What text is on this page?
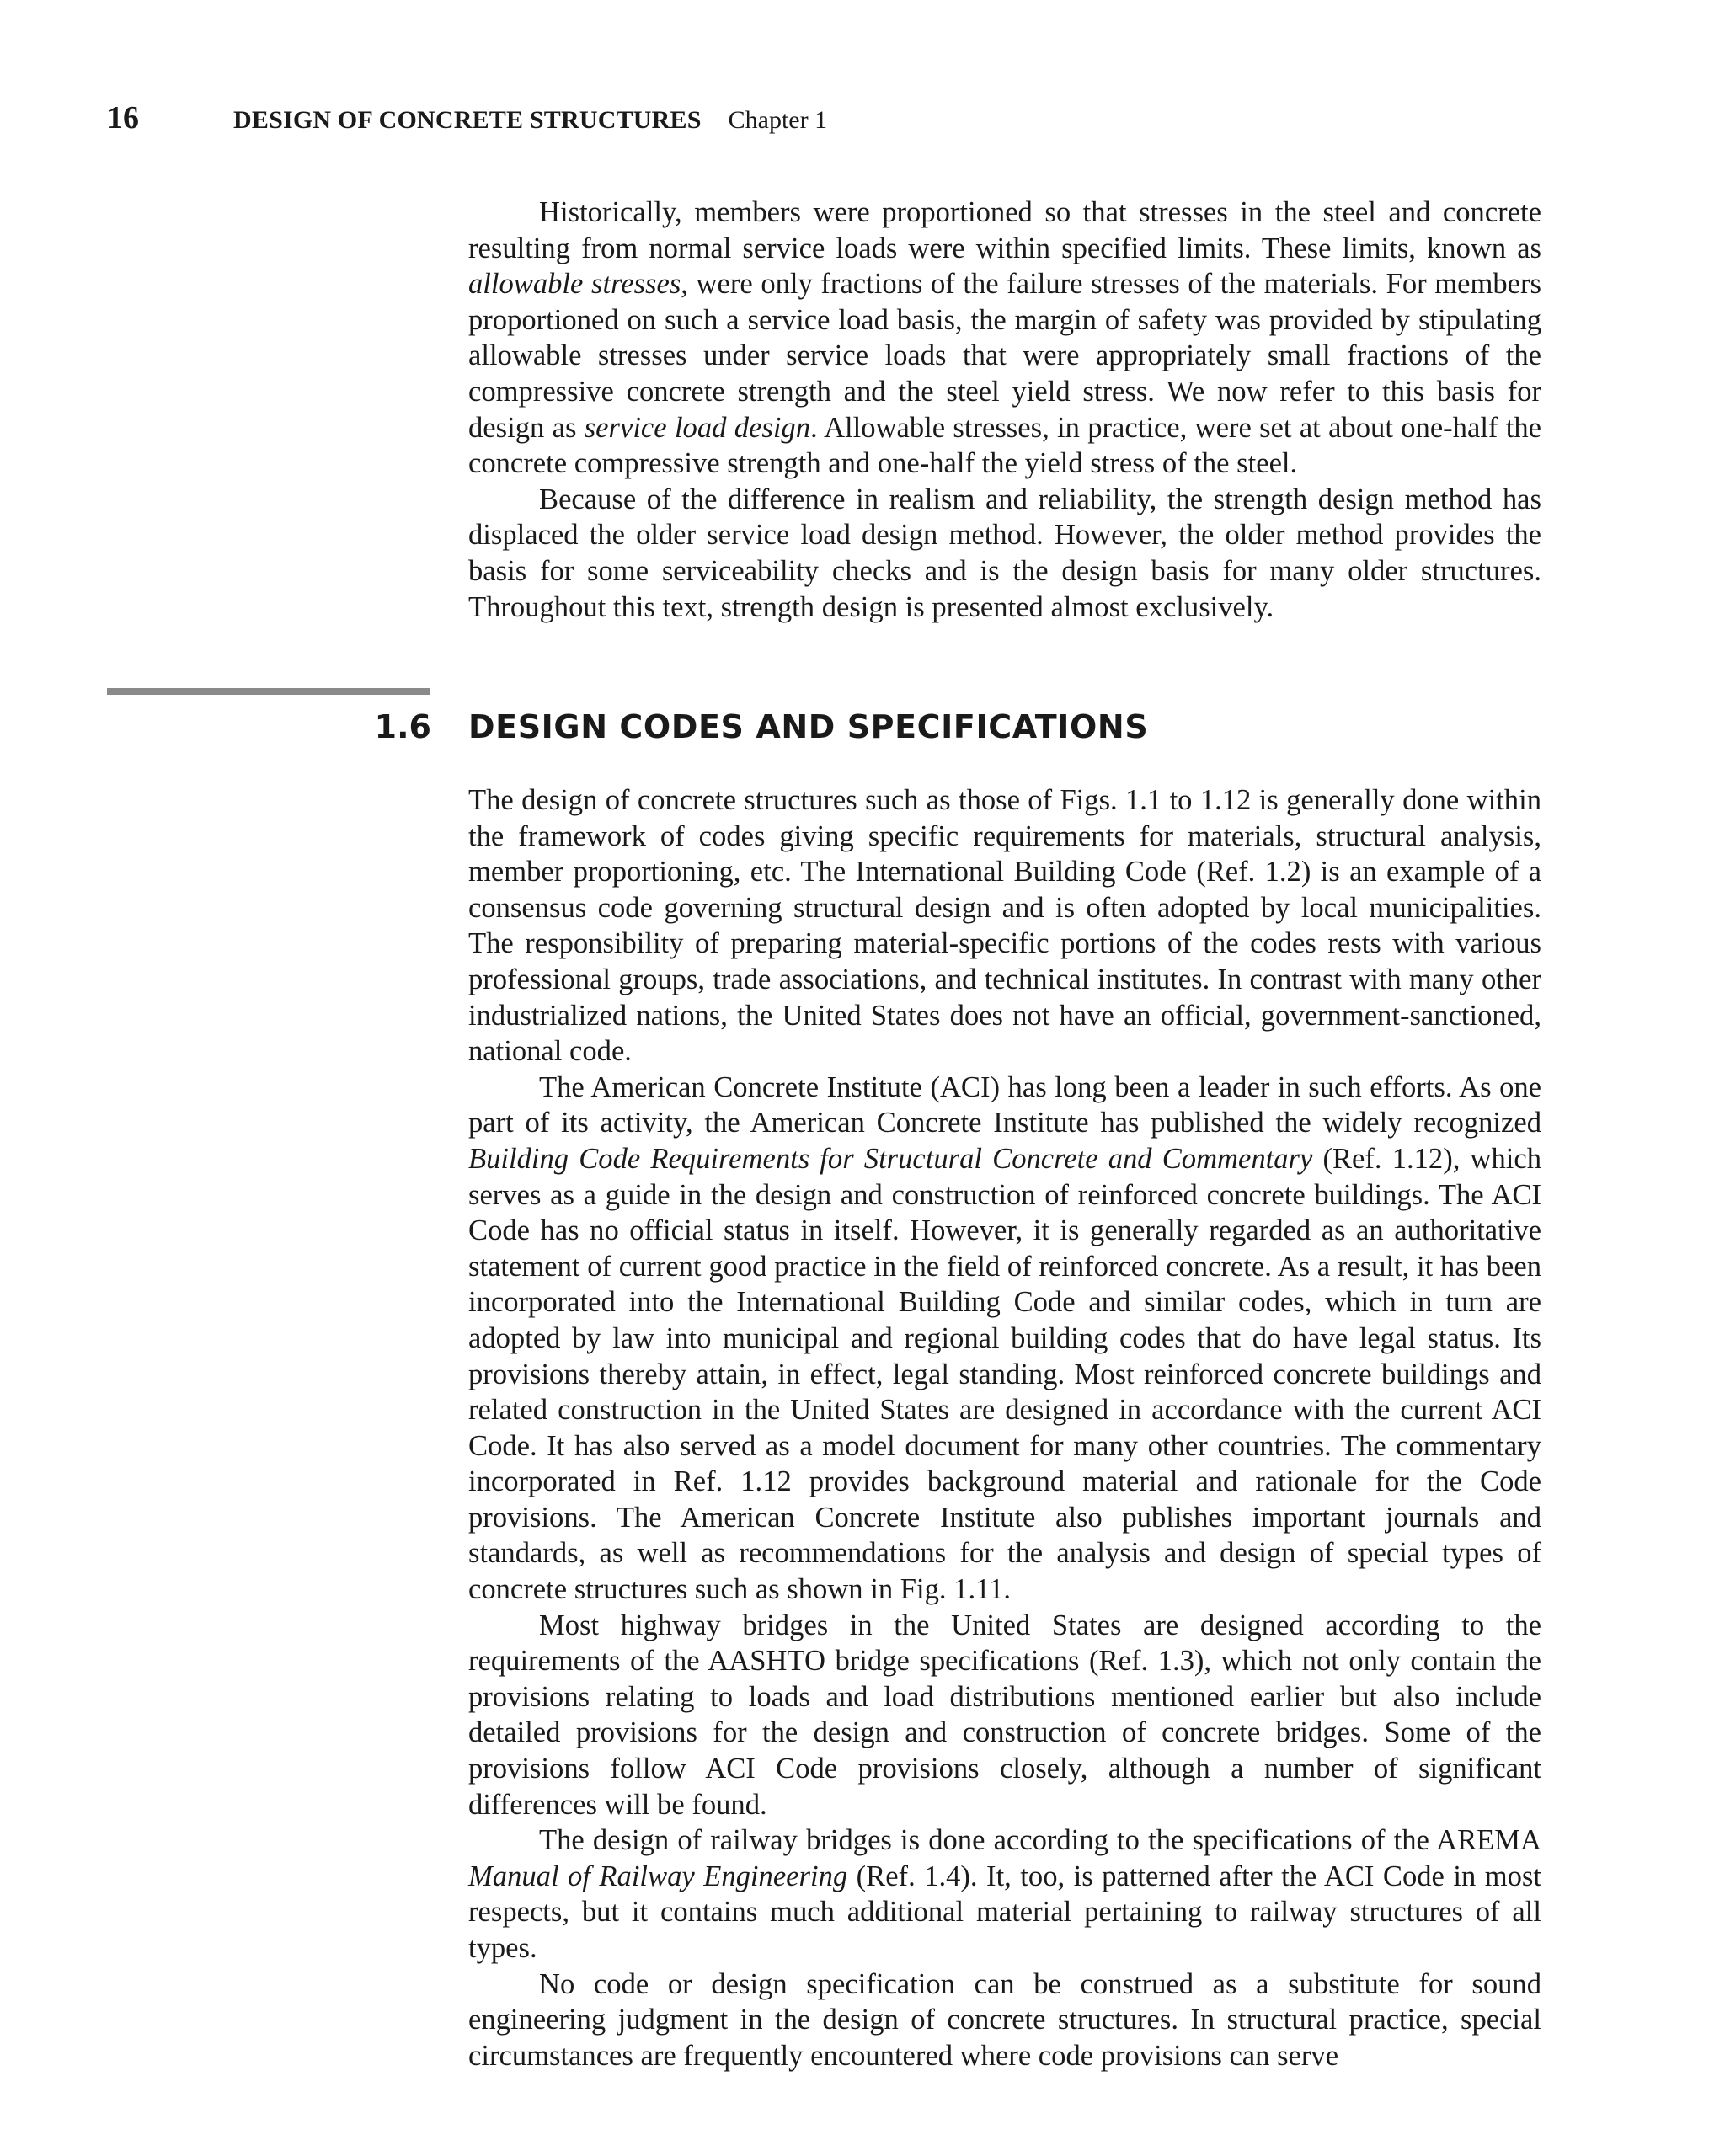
16	DESIGN OF CONCRETE STRUCTURES Chapter 1

Historically, members were proportioned so that stresses in the steel and concrete resulting from normal service loads were within specified limits. These limits, known as allowable stresses, were only fractions of the failure stresses of the materials. For members proportioned on such a service load basis, the margin of safety was provided by stipulating allowable stresses under service loads that were appropriately small fractions of the compressive concrete strength and the steel yield stress. We now refer to this basis for design as service load design. Allowable stresses, in practice, were set at about one-half the concrete compressive strength and one-half the yield stress of the steel.

Because of the difference in realism and reliability, the strength design method has displaced the older service load design method. However, the older method provides the basis for some serviceability checks and is the design basis for many older structures. Throughout this text, strength design is presented almost exclusively.

1.6 DESIGN CODES AND SPECIFICATIONS

The design of concrete structures such as those of Figs. 1.1 to 1.12 is generally done within the framework of codes giving specific requirements for materials, structural analysis, member proportioning, etc. The International Building Code (Ref. 1.2) is an example of a consensus code governing structural design and is often adopted by local municipalities. The responsibility of preparing material-specific portions of the codes rests with various professional groups, trade associations, and technical institutes. In contrast with many other industrialized nations, the United States does not have an official, government-sanctioned, national code.

The American Concrete Institute (ACI) has long been a leader in such efforts. As one part of its activity, the American Concrete Institute has published the widely recognized Building Code Requirements for Structural Concrete and Commentary (Ref. 1.12), which serves as a guide in the design and construction of reinforced concrete buildings. The ACI Code has no official status in itself. However, it is generally regarded as an authoritative statement of current good practice in the field of reinforced concrete. As a result, it has been incorporated into the International Building Code and similar codes, which in turn are adopted by law into municipal and regional building codes that do have legal status. Its provisions thereby attain, in effect, legal standing. Most reinforced concrete buildings and related construction in the United States are designed in accordance with the current ACI Code. It has also served as a model document for many other countries. The commentary incorporated in Ref. 1.12 provides background material and rationale for the Code provisions. The American Concrete Institute also publishes important journals and standards, as well as recommendations for the analysis and design of special types of concrete structures such as shown in Fig. 1.11.

Most highway bridges in the United States are designed according to the requirements of the AASHTO bridge specifications (Ref. 1.3), which not only contain the provisions relating to loads and load distributions mentioned earlier but also include detailed provisions for the design and construction of concrete bridges. Some of the provisions follow ACI Code provisions closely, although a number of significant differences will be found.

The design of railway bridges is done according to the specifications of the AREMA Manual of Railway Engineering (Ref. 1.4). It, too, is patterned after the ACI Code in most respects, but it contains much additional material pertaining to railway structures of all types.

No code or design specification can be construed as a substitute for sound engineering judgment in the design of concrete structures. In structural practice, special circumstances are frequently encountered where code provisions can serve
